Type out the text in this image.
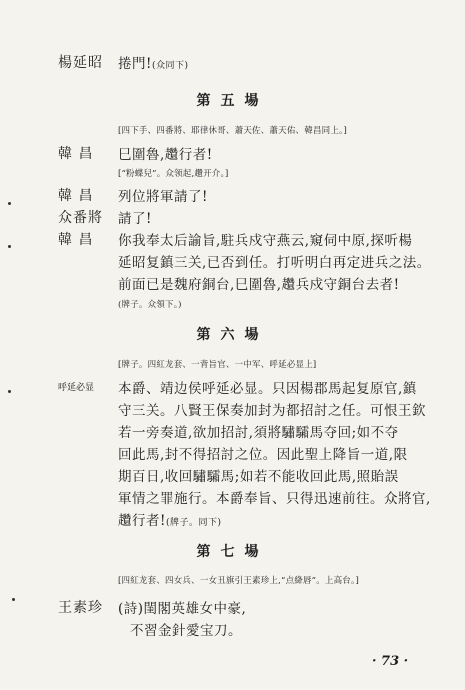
楊延昭 捲門!(众同下)
第五場
[四下手、四番將、耶律休哥、蕭天佐、蕭天佑、韓昌同上。]
韓 昌 巳圍魯,趲行者!
[“粉蝶兒”。众领起,趲开介。]
韓 昌 列位將軍請了!
众番將 請了!
韓 昌 你我奉太后諭旨,駐兵戍守燕云,窺伺中原,探听楊
延昭复鎮三关,已否到任。打听明白再定进兵之法。
前面已是魏府銅台,巳圍魯,趲兵戍守銅台去者!
(牌子。众領下。)
第六場
[牌子。四紅龙套、一背旨官、一中军、呼延必显上]
呼延必显 本爵、靖边侯呼延必显。只因楊郡馬起复原官,鎮
守三关。八賢王保奏加封为都招討之任。可恨王欽
若一旁奏道,欲加招討,須將驌驦馬夺回;如不夺
回此馬,封不得招討之位。因此聖上降旨一道,限
期百日,收回驌驦馬;如若不能收回此馬,照貽誤
軍情之罪施行。本爵奉旨、只得迅速前往。众將官,
趲行者!(牌子。同下)
第七場
[四紅龙套、四女兵、一女丑旗引王素珍上,“点絳唇”。上高台。]
王素珍 (詩)閨閣英雄女中豪,
不習金針愛宝刀。
· 73 ·
